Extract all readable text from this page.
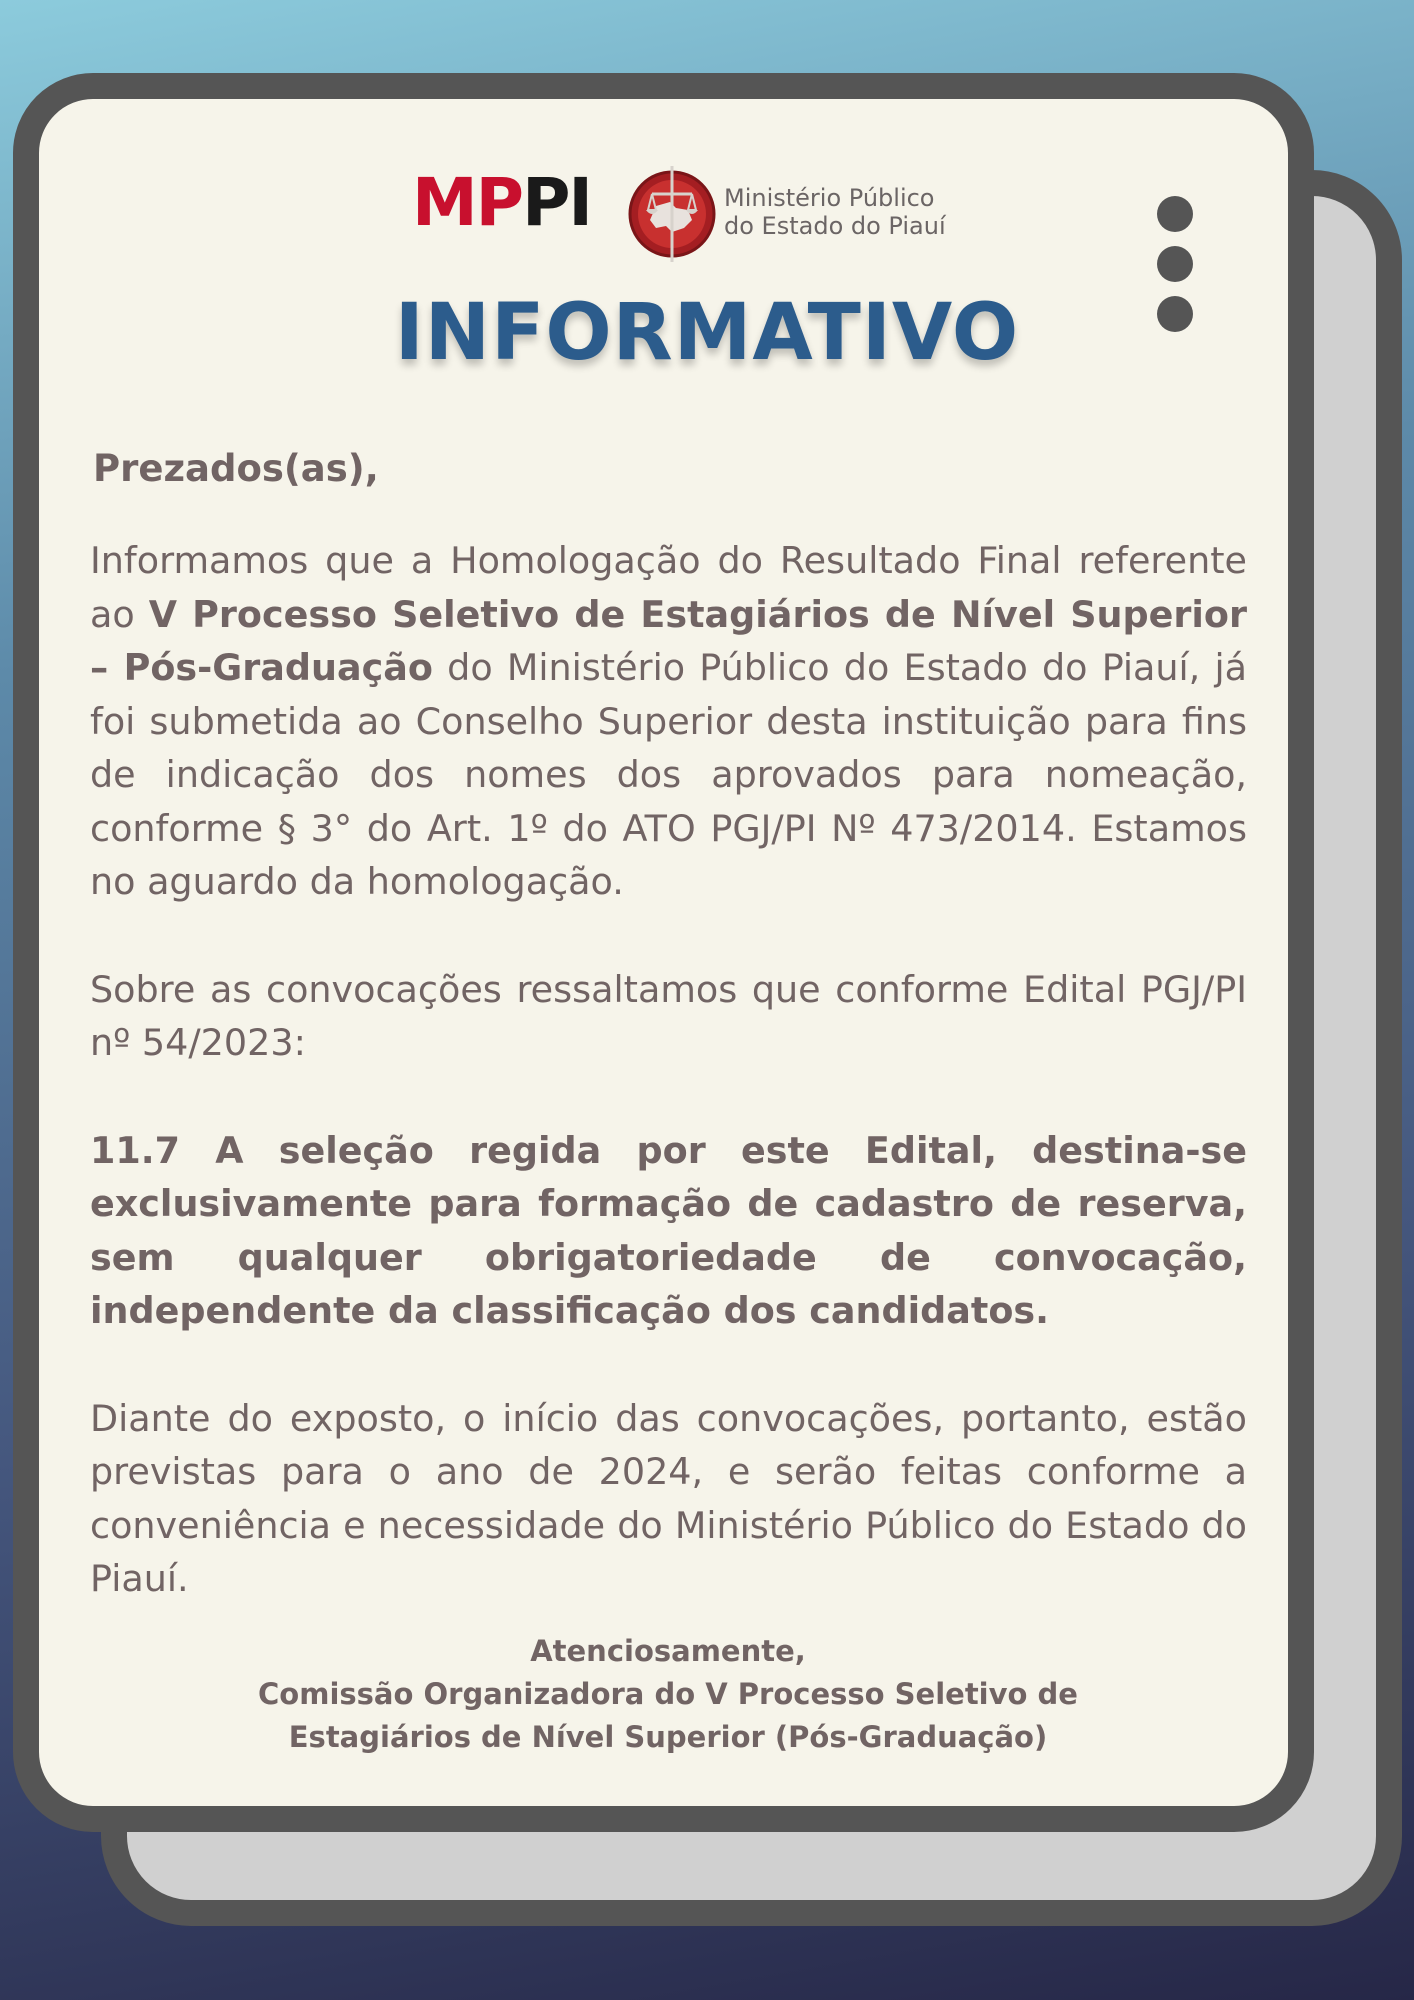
MPPI	Ministério Público
do Estado do Piauí
INFORMATIVO
Prezados(as),

Informamos que a Homologação do Resultado Final referente ao V Processo Seletivo de Estagiários de Nível Superior – Pós-Graduação do Ministério Público do Estado do Piauí, já foi submetida ao Conselho Superior desta instituição para fins de indicação dos nomes dos aprovados para nomeação, conforme § 3° do Art. 1º do ATO PGJ/PI Nº 473/2014. Estamos no aguardo da homologação.

Sobre as convocações ressaltamos que conforme Edital PGJ/PI nº 54/2023:

11.7 A seleção regida por este Edital, destina-se exclusivamente para formação de cadastro de reserva, sem qualquer obrigatoriedade de convocação, independente da classificação dos candidatos.

Diante do exposto, o início das convocações, portanto, estão previstas para o ano de 2024, e serão feitas conforme a conveniência e necessidade do Ministério Público do Estado do Piauí.

Atenciosamente,
Comissão Organizadora do V Processo Seletivo de
Estagiários de Nível Superior (Pós-Graduação)
